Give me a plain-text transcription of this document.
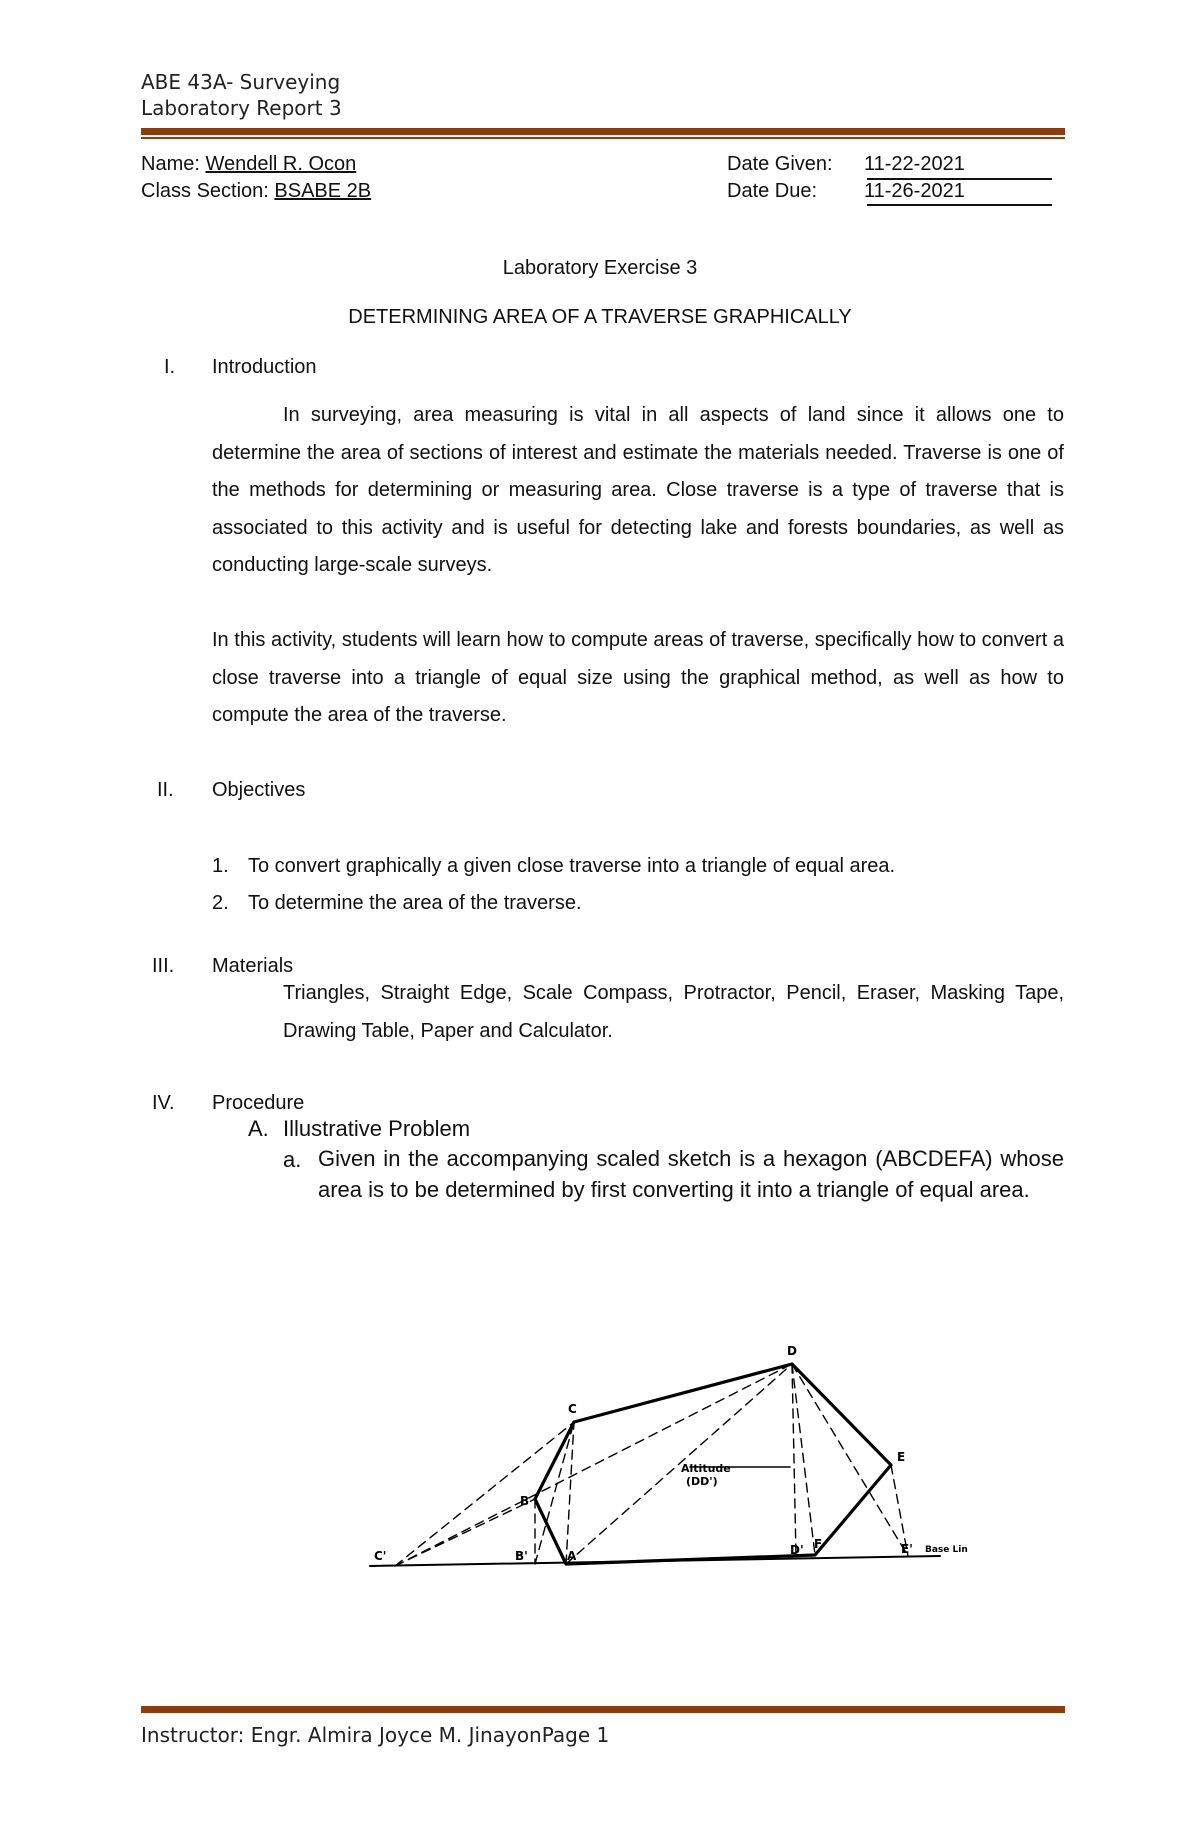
ABE 43A- Surveying
Laboratory Report 3
Name: Wendell R. Ocon
Class Section: BSABE 2B
Date Given: 11-22-2021
Date Due: 11-26-2021
Laboratory Exercise 3
DETERMINING AREA OF A TRAVERSE GRAPHICALLY
I. Introduction
In surveying, area measuring is vital in all aspects of land since it allows one to determine the area of sections of interest and estimate the materials needed. Traverse is one of the methods for determining or measuring area. Close traverse is a type of traverse that is associated to this activity and is useful for detecting lake and forests boundaries, as well as conducting large-scale surveys.
In this activity, students will learn how to compute areas of traverse, specifically how to convert a close traverse into a triangle of equal size using the graphical method, as well as how to compute the area of the traverse.
II. Objectives
1. To convert graphically a given close traverse into a triangle of equal area.
2. To determine the area of the traverse.
III. Materials
Triangles, Straight Edge, Scale Compass, Protractor, Pencil, Eraser, Masking Tape, Drawing Table, Paper and Calculator.
IV. Procedure
A. Illustrative Problem
a. Given in the accompanying scaled sketch is a hexagon (ABCDEFA) whose area is to be determined by first converting it into a triangle of equal area.
D
C
B
E
C'	B'	A	D' F	E'
Altitude
(DD')
Base Lin
Instructor: Engr. Almira Joyce M. JinayonPage 1
